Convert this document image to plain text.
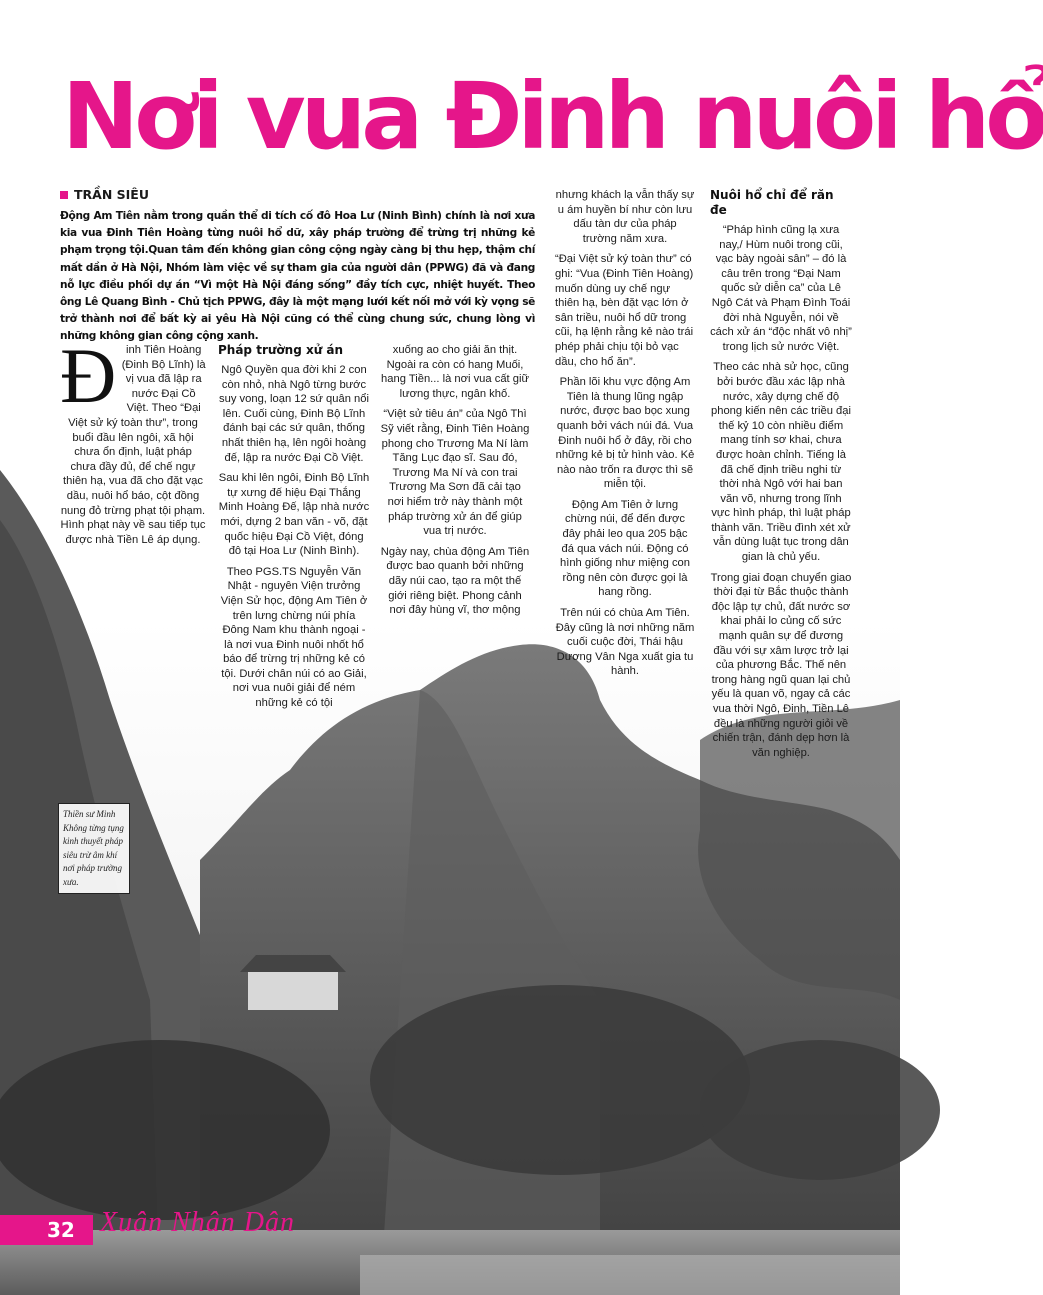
Nơi vua Đinh nuôi hổ
TRẦN SIÊU

Động Am Tiên nằm trong quần thể di tích cố đô Hoa Lư (Ninh Bình) chính là nơi xưa kia vua Đinh Tiên Hoàng từng nuôi hổ dữ, xây pháp trường để trừng trị những kẻ phạm trọng tội.Quan tâm đến không gian công cộng ngày càng bị thu hẹp, thậm chí mất dần ở Hà Nội, Nhóm làm việc về sự tham gia của người dân (PPWG) đã và đang nỗ lực điều phối dự án “Vì một Hà Nội đáng sống” đầy tích cực, nhiệt huyết. Theo ông Lê Quang Bình - Chủ tịch PPWG, đây là một mạng lưới kết nối mở với kỳ vọng sẽ trở thành nơi để bất kỳ ai yêu Hà Nội cũng có thể cùng chung sức, chung lòng vì những không gian công cộng xanh.

Đinh Tiên Hoàng (Đinh Bộ Lĩnh) là vị vua đã lập ra nước Đại Cồ Việt. Theo “Đại Việt sử ký toàn thư”, trong buổi đầu lên ngôi, xã hội chưa ổn định, luật pháp chưa đầy đủ, để chế ngự thiên hạ, vua đã cho đặt vạc dầu, nuôi hổ báo, cột đồng nung đỏ trừng phạt tội phạm. Hình phạt này về sau tiếp tục được nhà Tiền Lê áp dụng.

Pháp trường xử án

Ngô Quyền qua đời khi 2 con còn nhỏ, nhà Ngô từng bước suy vong, loạn 12 sứ quân nổi lên. Cuối cùng, Đinh Bộ Lĩnh đánh bại các sứ quân, thống nhất thiên hạ, lên ngôi hoàng đế, lập ra nước Đại Cồ Việt.

Sau khi lên ngôi, Đinh Bộ Lĩnh tự xưng đế hiệu Đại Thắng Minh Hoàng Đế, lập nhà nước mới, dựng 2 ban văn - võ, đặt quốc hiệu Đại Cồ Việt, đóng đô tại Hoa Lư (Ninh Bình).

Theo PGS.TS Nguyễn Văn Nhật - nguyên Viện trưởng Viện Sử học, động Am Tiên ở trên lưng chừng núi phía Đông Nam khu thành ngoại - là nơi vua Đinh nuôi nhốt hổ báo để trừng trị những kẻ có tội. Dưới chân núi có ao Giải, nơi vua nuôi giải để ném những kẻ có tội

xuống ao cho giải ăn thịt. Ngoài ra còn có hang Muối, hang Tiền... là nơi vua cất giữ lương thực, ngân khố.

“Việt sử tiêu án” của Ngô Thì Sỹ viết rằng, Đinh Tiên Hoàng phong cho Trương Ma Ní làm Tăng Lục đạo sĩ. Sau đó, Trương Ma Ní và con trai Trương Ma Sơn đã cải tạo nơi hiểm trở này thành một pháp trường xử án để giúp vua trị nước.

Ngày nay, chùa động Am Tiên được bao quanh bởi những dãy núi cao, tạo ra một thế giới riêng biệt. Phong cảnh nơi đây hùng vĩ, thơ mộng

nhưng khách lạ vẫn thấy sự u ám huyền bí như còn lưu dấu tàn dư của pháp trường năm xưa.

“Đại Việt sử ký toàn thư” có ghi: “Vua (Đinh Tiên Hoàng) muốn dùng uy chế ngự thiên hạ, bèn đặt vạc lớn ở sân triều, nuôi hổ dữ trong cũi, hạ lệnh rằng kẻ nào trái phép phải chịu tội bỏ vạc dầu, cho hổ ăn”.

Phần lõi khu vực động Am Tiên là thung lũng ngập nước, được bao bọc xung quanh bởi vách núi đá. Vua Đinh nuôi hổ ở đây, rồi cho những kẻ bị tử hình vào. Kẻ nào nào trốn ra được thì sẽ miễn tội.

Động Am Tiên ở lưng chừng núi, để đến được đây phải leo qua 205 bậc đá qua vách núi. Động có hình giống như miệng con rồng nên còn được gọi là hang rồng.

Trên núi có chùa Am Tiên. Đây cũng là nơi những năm cuối cuộc đời, Thái hậu Dương Vân Nga xuất gia tu hành.

Nuôi hổ chỉ để răn đe

“Pháp hình cũng lạ xưa nay,/ Hùm nuôi trong cũi, vạc bày ngoài sân” – đó là câu trên trong “Đại Nam quốc sử diễn ca” của Lê Ngô Cát và Phạm Đình Toái đời nhà Nguyễn, nói về cách xử án “độc nhất vô nhị” trong lịch sử nước Việt.

Theo các nhà sử học, cũng bởi bước đầu xác lập nhà nước, xây dựng chế độ phong kiến nên các triều đại thế kỷ 10 còn nhiều điểm mang tính sơ khai, chưa được hoàn chỉnh. Tiếng là đã chế định triều nghi từ thời nhà Ngô với hai ban văn võ, nhưng trong lĩnh vực hình pháp, thì luật pháp thành văn. Triều đình xét xử vẫn dùng luật tục trong dân gian là chủ yếu.

Trong giai đoạn chuyển giao thời đại từ Bắc thuộc thành độc lập tự chủ, đất nước sơ khai phải lo củng cố sức mạnh quân sự để đương đầu với sự xâm lược trở lại của phương Bắc. Thế nên trong hàng ngũ quan lại chủ yếu là quan võ, ngay cả các vua thời Ngô, Đinh, Tiền Lê đều là những người giỏi về chiến trận, đánh dẹp hơn là văn nghiệp.

Thiền sư Minh Không từng tụng kinh thuyết pháp siêu trừ âm khí nơi pháp trường xưa.
32 Xuân Nhân Dân
